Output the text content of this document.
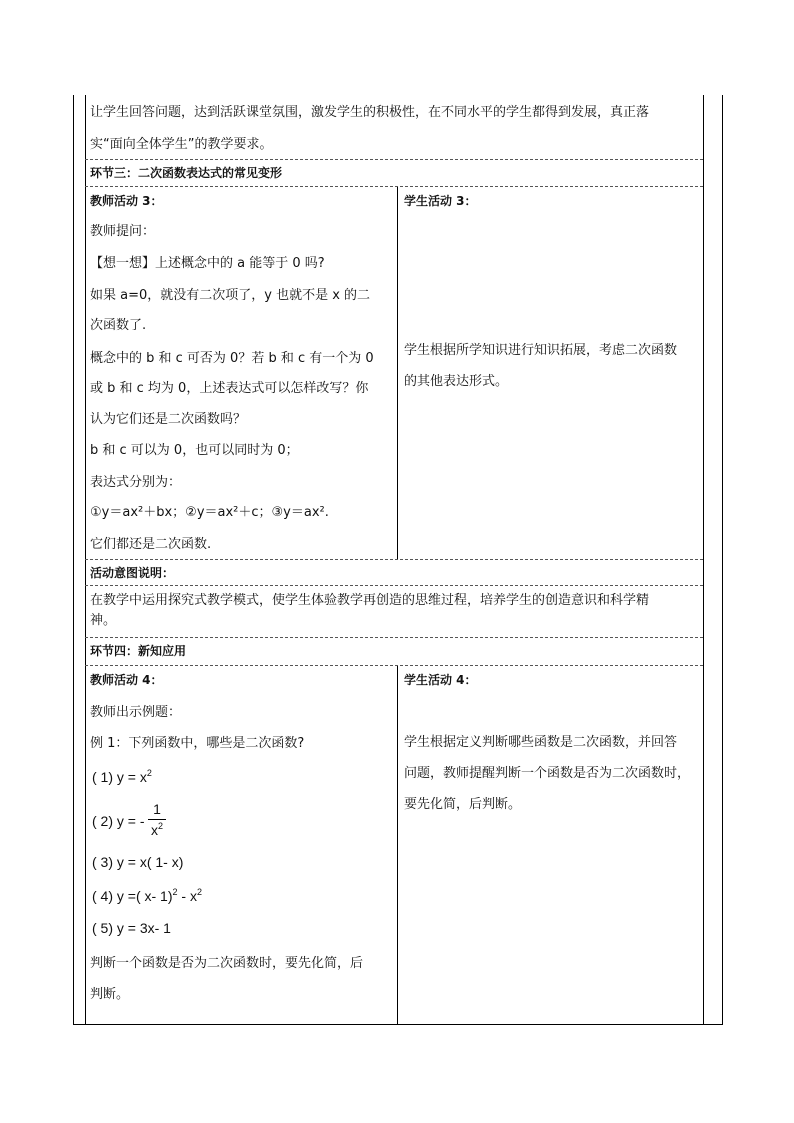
让学生回答问题，达到活跃课堂氛围，激发学生的积极性，在不同水平的学生都得到发展，真正落
实“面向全体学生”的教学要求。
环节三：二次函数表达式的常见变形
教师活动 3：	学生活动 3：
教师提问：
【想一想】上述概念中的 a 能等于 0 吗?
如果 a=0，就没有二次项了，y 也就不是 x 的二
次函数了.
概念中的 b 和 c 可否为 0？若 b 和 c 有一个为 0
或 b 和 c 均为 0，上述表达式可以怎样改写？你
认为它们还是二次函数吗？
b 和 c 可以为 0，也可以同时为 0；
表达式分别为：
①y＝ax²＋bx；②y＝ax²＋c；③y＝ax².
它们都还是二次函数.
学生根据所学知识进行知识拓展，考虑二次函数
的其他表达形式。
活动意图说明：
在教学中运用探究式教学模式，使学生体验教学再创造的思维过程，培养学生的创造意识和科学精
神。
环节四：新知应用
教师活动 4：	学生活动 4：
教师出示例题：
例 1：下列函数中，哪些是二次函数?
( 1) $y = x^2$
( 2) y = -
1
$x^2$
( 3) y = x( 1- x)
( 4) y =( x- $1)^2 - x^2$
( 5) y = 3x- 1
判断一个函数是否为二次函数时，要先化简，后
判断。
学生根据定义判断哪些函数是二次函数，并回答
问题，教师提醒判断一个函数是否为二次函数时，
要先化简，后判断。
